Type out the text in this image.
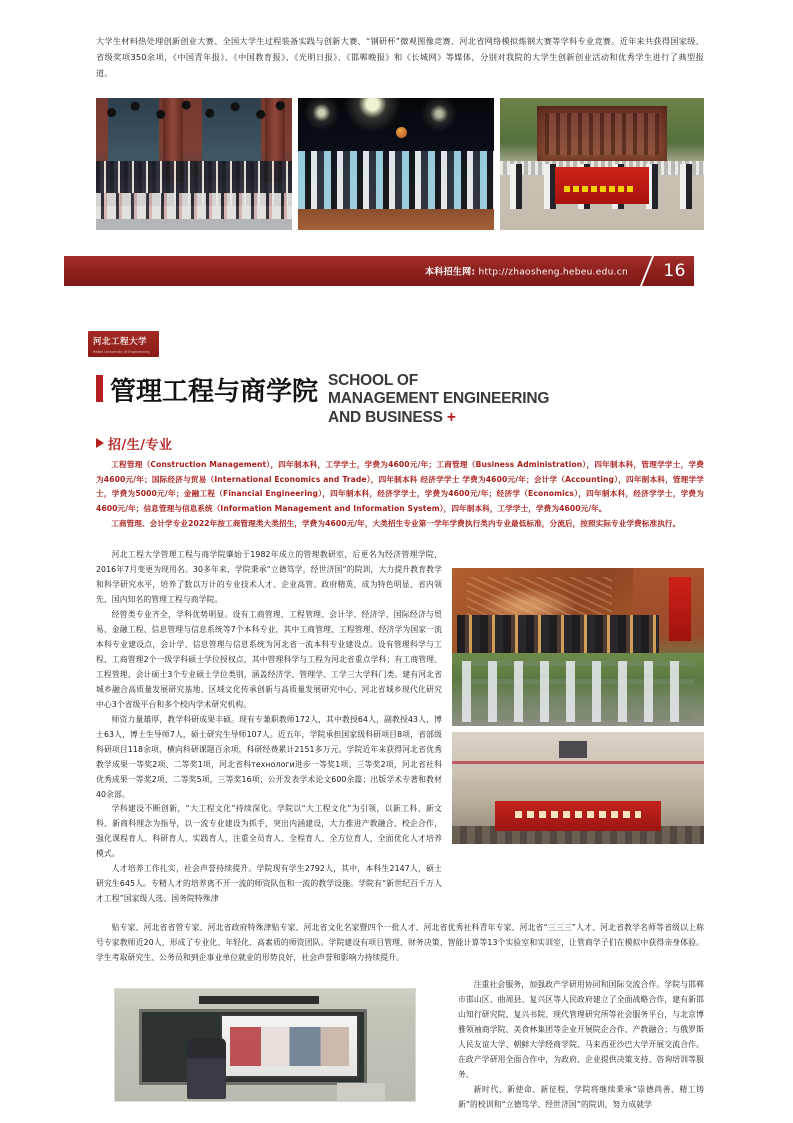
大学生材料热处理创新创业大赛、全国大学生过程装备实践与创新大赛、“钢研杯”微观图像竞赛、河北省网络模拟炼钢大赛等学科专业竞赛。近年来共获得国家级、省级奖项350余项，《中国青年报》、《中国教育报》、《光明日报》、《邯郸晚报》和《长城网》等媒体，分别对我院的大学生创新创业活动和优秀学生进行了典型报道。
本科招生网: http://zhaosheng.hebeu.edu.cn 16
河北工程大学
Hebei University of Engineering
管理工程与商学院 SCHOOL OF
MANAGEMENT ENGINEERING
AND BUSINESS +
招/生/专业

工程管理（Construction Management），四年制本科，工学学士，学费为4600元/年；工商管理（Business Administration），四年制本科，管理学学士，学费为4600元/年；国际经济与贸易（International Economics and Trade），四年制本科 经济学学士 学费为4600元/年；会计学（Accounting），四年制本科，管理学学士，学费为5000元/年；金融工程（Financial Engineering），四年制本科，经济学学士，学费为4600元/年；经济学（Economics），四年制本科，经济学学士，学费为4600元/年；信息管理与信息系统（Information Management and Information System），四年制本科，工学学士，学费为4600元/年。

工商管理、会计学专业2022年按工商管理类大类招生，学费为4600元/年，大类招生专业第一学年学费执行类内专业最低标准，分流后，按照实际专业学费标准执行。

河北工程大学管理工程与商学院肇始于1982年成立的管理教研室，后更名为经济管理学院，2016年7月变更为现用名。30多年来，学院秉承“立德笃学，经世济国”的院训，大力提升教育教学和科学研究水平，培养了数以万计的专业技术人才、企业高管、政府精英，成为特色明显、省内领先、国内知名的管理工程与商学院。

经管类专业齐全，学科优势明显。设有工商管理、工程管理、会计学、经济学、国际经济与贸易、金融工程、信息管理与信息系统等7个本科专业，其中工商管理、工程管理、经济学为国家一流本科专业建设点，会计学、信息管理与信息系统为河北省一流本科专业建设点。设有管理科学与工程、工商管理2个一级学科硕士学位授权点，其中管理科学与工程为河北省重点学科；有工商管理、工程管理、会计硕士3个专业硕士学位类别，涵盖经济学、管理学、工学三大学科门类。建有河北省城乡融合高质量发展研究基地、区域文化传承创新与高质量发展研究中心、河北省城乡现代化研究中心3个省级平台和多个校内学术研究机构。

师资力量雄厚，教学科研成果丰硕。现有专兼职教师172人，其中教授64人，副教授43人，博士63人，博士生导师7人，硕士研究生导师107人。近五年，学院承担国家级科研项目8项，省部级科研项目118余项，横向科研课题百余项，科研经费累计2151多万元。学院近年来获得河北省优秀教学成果一等奖2项、二等奖1项，河北省科технологи进步一等奖1项、三等奖2项，河北省社科优秀成果一等奖2项、二等奖5项，三等奖16项；公开发表学术论文600余篇；出版学术专著和教材40余部。

学科建设不断创新，“大工程文化”持续深化。学院以“大工程文化”为引领，以新工科、新文科、新商科理念为指导，以一流专业建设为抓手，突出内涵建设，大力推进产教融合、校企合作，强化课程育人、科研育人、实践育人，注重全员育人、全程育人、全方位育人，全面优化人才培养模式。

人才培养工作扎实，社会声誉持续提升。学院现有学生2792人，其中，本科生2147人，硕士研究生645人。专精人才的培养离不开一流的师资队伍和一流的教学设施。学院有“新世纪百千万人才工程”国家级人选、国务院特殊津

贴专家、河北省省管专家、河北省政府特殊津贴专家、河北省文化名家暨四个一批人才、河北省优秀社科青年专家、河北省“三三三”人才、河北省教学名师等省级以上称号专家教师近20人，形成了专业化、年轻化、高素质的师资团队。学院建设有项目管理、财务决策、智能计算等13个实验室和实训室，让管商学子们在模拟中获得亲身体验。学生考取研究生、公务员和到企事业单位就业的形势良好，社会声誉和影响力持续提升。

注重社会服务，加强政产学研用协同和国际交流合作。学院与邯郸市邯山区、曲周县、复兴区等人民政府建立了全面战略合作，建有新邯山知行研究院、复兴书院、现代管理研究所等社会服务平台，与北京博雅领袖商学院、美食林集团等企业开展院企合作、产教融合；与俄罗斯人民友谊大学、朝鲜大学经商学院、马来西亚沙巴大学开展交流合作。在政产学研用全面合作中，为政府、企业提供决策支持、咨询培训等服务。

新时代、新使命、新征程，学院将继续秉承“崇德尚善、精工铸新”的校训和“立德笃学、经世济国”的院训，努力成就学
